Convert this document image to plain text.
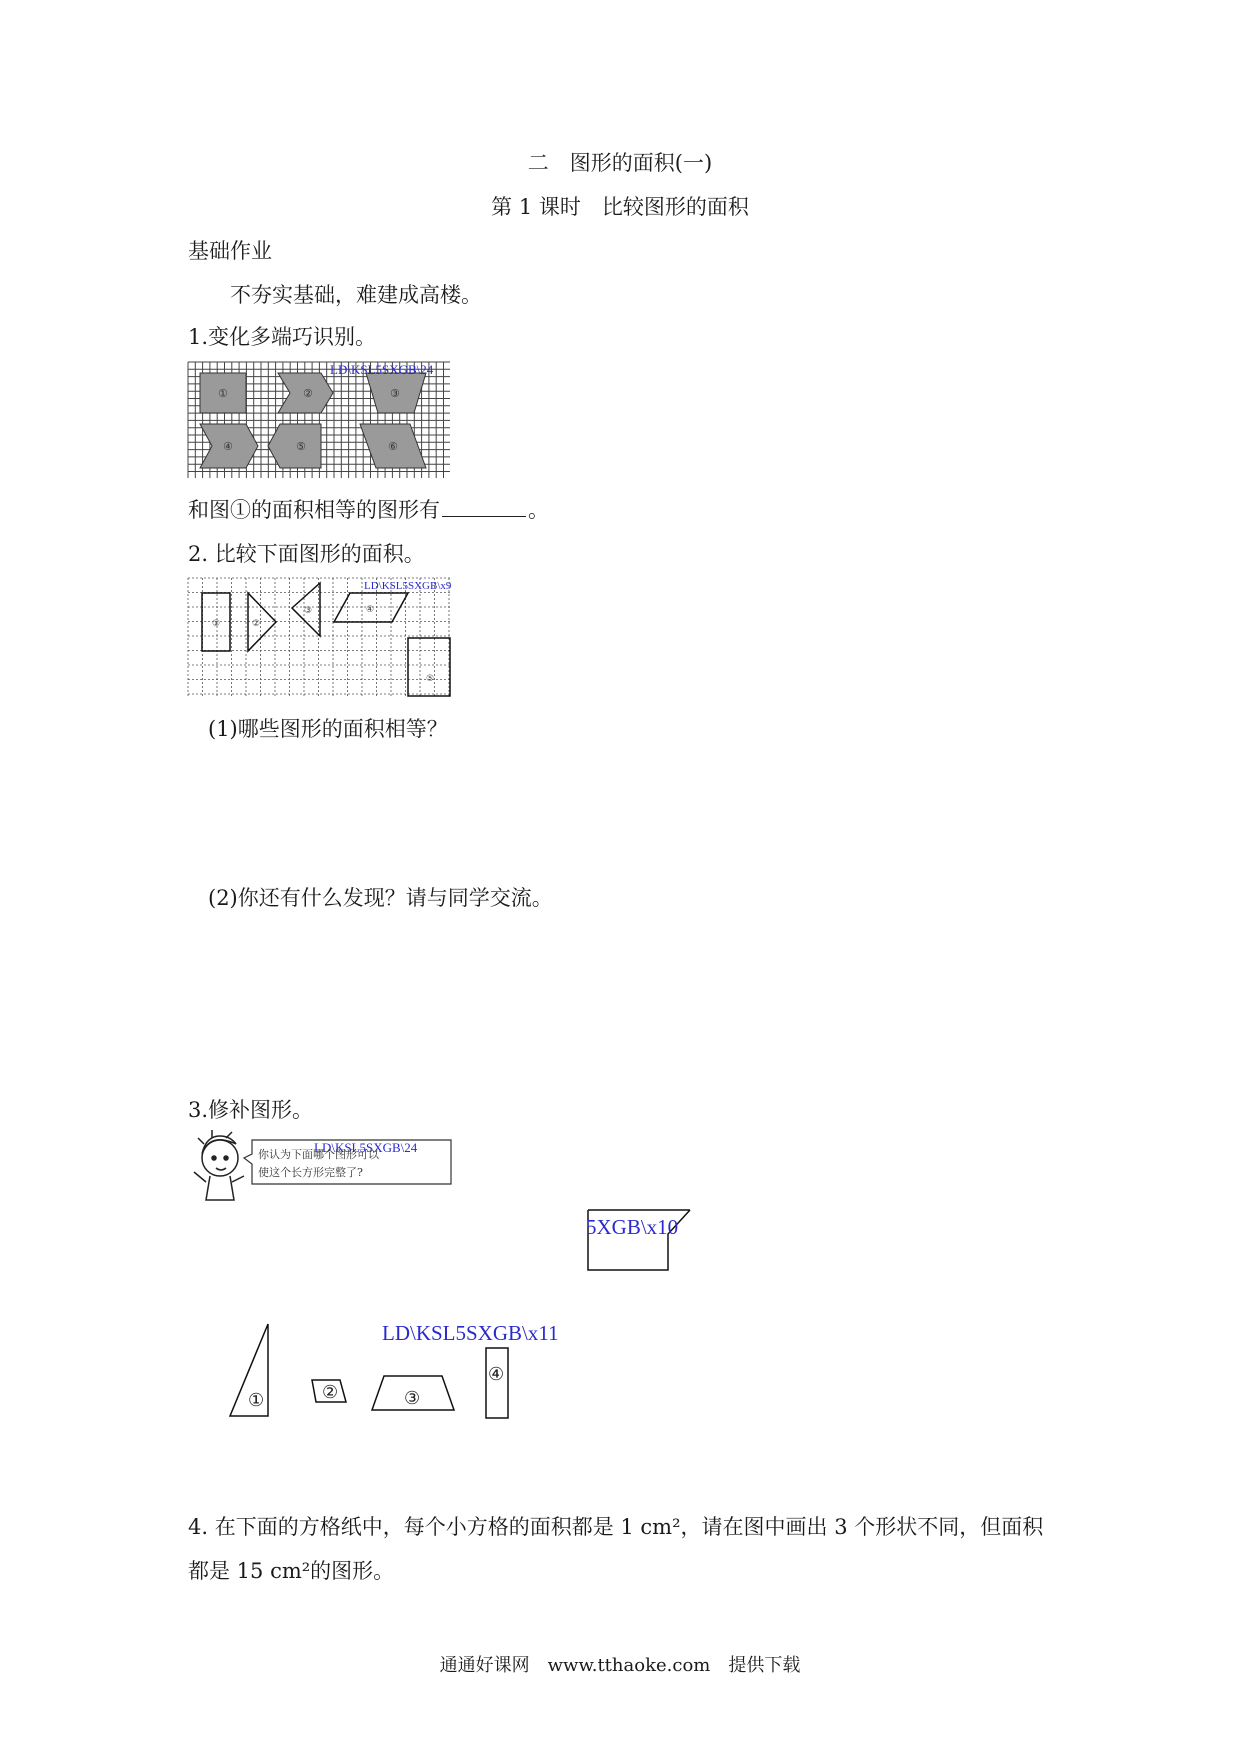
二　图形的面积(一)
第 1 课时　比较图形的面积
基础作业
不夯实基础，难建成高楼。
1.变化多端巧识别。
LD\KSL5SXGB\24
①	②	③
④	⑤	⑥
和图①的面积相等的图形有	。
2. 比较下面图形的面积。
LD\KSL5SXGB\x9
①	②
③	④
⑤
(1)哪些图形的面积相等？
(2)你还有什么发现？请与同学交流。
3.修补图形。
LD\KSL5SXGB\24
你认为下面哪个图形可以
使这个长方形完整了?
5XGB\x10
LD\KSL5SXGB\x11
①	②	③
④
4. 在下面的方格纸中，每个小方格的面积都是 1 cm²，请在图中画出 3 个形状不同，但面积
都是 15 cm²的图形。
通通好课网　www.tthaoke.com　提供下载
